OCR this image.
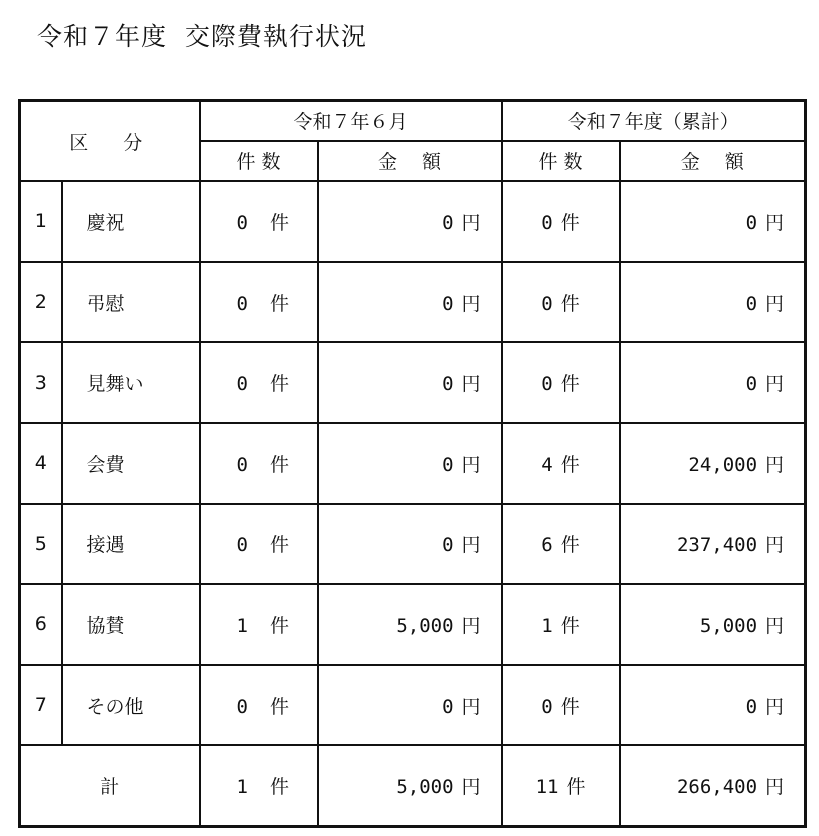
令和７年度  交際費執行状況
区　分		令和７年６月		令和７年度（累計）	
		件 数	金　 額	件 数	金　 額
1	慶祝	0 件	0 円	0 件	0 円
2	弔慰	0 件	0 円	0 件	0 円
3	見舞い	0 件	0 円	0 件	0 円
4	会費	0 件	0 円	4 件	24,000 円
5	接遇	0 件	0 円	6 件	237,400 円
6	協賛	1 件	5,000 円	1 件	5,000 円
7	その他	0 件	0 円	0 件	0 円
計		1 件	5,000 円	11 件	266,400 円
